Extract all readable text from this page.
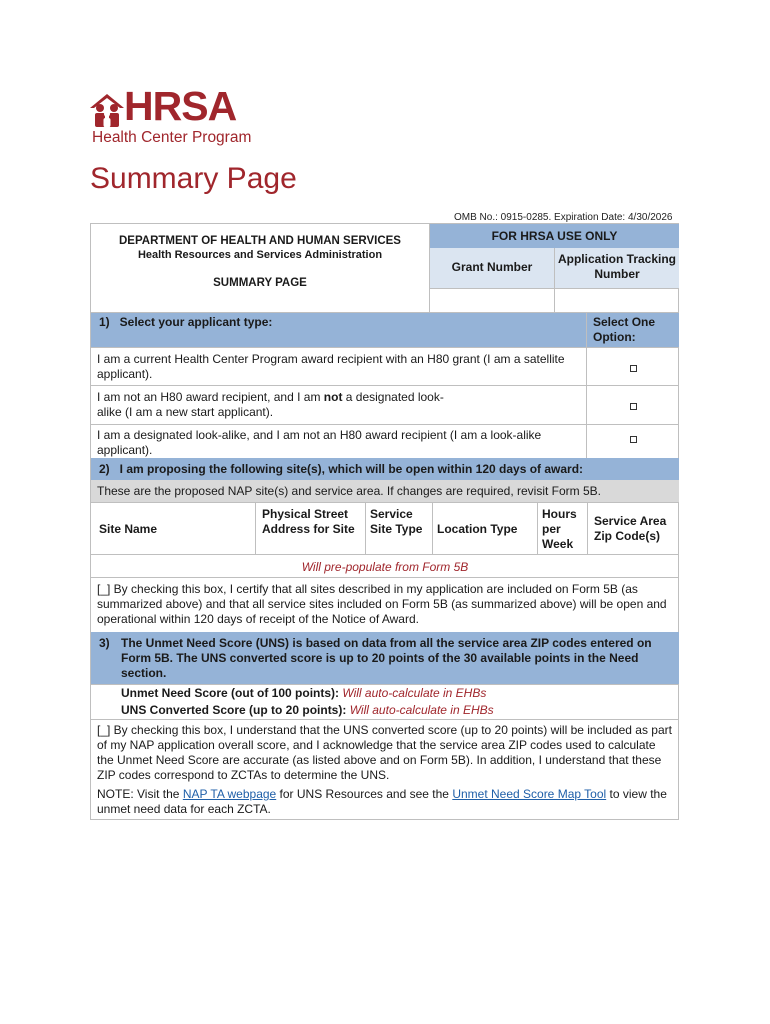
HRSA
Health Center Program
Summary Page
OMB No.: 0915-0285. Expiration Date: 4/30/2026
DEPARTMENT OF HEALTH AND HUMAN SERVICES
Health Resources and Services Administration
SUMMARY PAGE
FOR HRSA USE ONLY
Grant Number
Application Tracking Number
1)   Select your applicant type:	Select One Option:
I am a current Health Center Program award recipient with an H80 grant (I am a satellite applicant).
I am not an H80 award recipient, and I am not a designated look-alike (I am a new start applicant).
I am a designated look-alike, and I am not an H80 award recipient (I am a look-alike applicant).
2)   I am proposing the following site(s), which will be open within 120 days of award:
These are the proposed NAP site(s) and service area. If changes are required, revisit Form 5B.
Site Name
Physical Street Address for Site
Service Site Type	Location Type
Hours per Week
Service Area Zip Code(s)
Will pre-populate from Form 5B
[_] By checking this box, I certify that all sites described in my application are included on Form 5B (as summarized above) and that all service sites included on Form 5B (as summarized above) will be open and operational within 120 days of receipt of the Notice of Award.
3) The Unmet Need Score (UNS) is based on data from all the service area ZIP codes entered on Form 5B. The UNS converted score is up to 20 points of the 30 available points in the Need section.
Unmet Need Score (out of 100 points): Will auto-calculate in EHBs
UNS Converted Score (up to 20 points): Will auto-calculate in EHBs
[_] By checking this box, I understand that the UNS converted score (up to 20 points) will be included as part of my NAP application overall score, and I acknowledge that the service area ZIP codes used to calculate the Unmet Need Score are accurate (as listed above and on Form 5B). In addition, I understand that these ZIP codes correspond to ZCTAs to determine the UNS.
NOTE: Visit the NAP TA webpage for UNS Resources and see the Unmet Need Score Map Tool to view the unmet need data for each ZCTA.
